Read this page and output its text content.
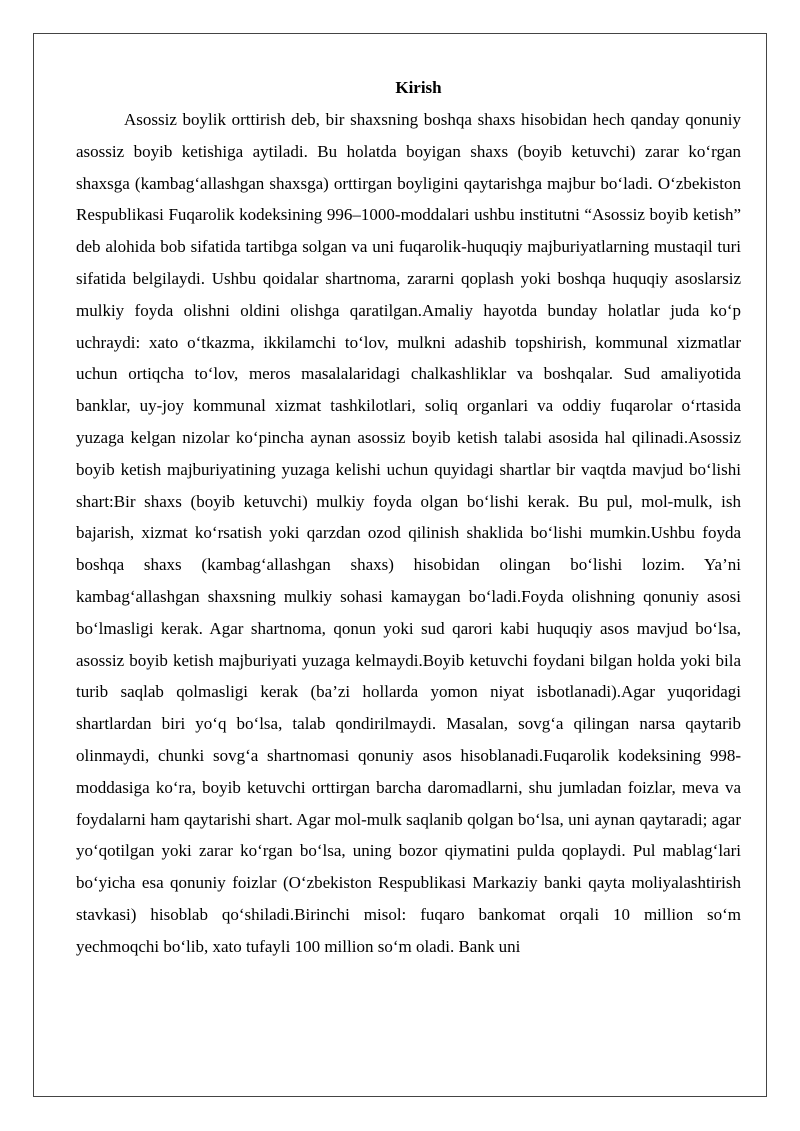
Kirish

Asossiz boylik orttirish deb, bir shaxsning boshqa shaxs hisobidan hech qanday qonuniy asossiz boyib ketishiga aytiladi. Bu holatda boyigan shaxs (boyib ketuvchi) zarar koʻrgan shaxsga (kambagʻallashgan shaxsga) orttirgan boyligini qaytarishga majbur boʻladi. Oʻzbekiston Respublikasi Fuqarolik kodeksining 996–1000-moddalari ushbu institutni “Asossiz boyib ketish” deb alohida bob sifatida tartibga solgan va uni fuqarolik-huquqiy majburiyatlarning mustaqil turi sifatida belgilaydi. Ushbu qoidalar shartnoma, zararni qoplash yoki boshqa huquqiy asoslarsiz mulkiy foyda olishni oldini olishga qaratilgan.Amaliy hayotda bunday holatlar juda koʻp uchraydi: xato oʻtkazma, ikkilamchi toʻlov, mulkni adashib topshirish, kommunal xizmatlar uchun ortiqcha toʻlov, meros masalalaridagi chalkashliklar va boshqalar. Sud amaliyotida banklar, uy-joy kommunal xizmat tashkilotlari, soliq organlari va oddiy fuqarolar oʻrtasida yuzaga kelgan nizolar koʻpincha aynan asossiz boyib ketish talabi asosida hal qilinadi.Asossiz boyib ketish majburiyatining yuzaga kelishi uchun quyidagi shartlar bir vaqtda mavjud boʻlishi shart:Bir shaxs (boyib ketuvchi) mulkiy foyda olgan boʻlishi kerak. Bu pul, mol-mulk, ish bajarish, xizmat koʻrsatish yoki qarzdan ozod qilinish shaklida boʻlishi mumkin.Ushbu foyda boshqa shaxs (kambagʻallashgan shaxs) hisobidan olingan boʻlishi lozim. Ya’ni kambagʻallashgan shaxsning mulkiy sohasi kamaygan boʻladi.Foyda olishning qonuniy asosi boʻlmasligi kerak. Agar shartnoma, qonun yoki sud qarori kabi huquqiy asos mavjud boʻlsa, asossiz boyib ketish majburiyati yuzaga kelmaydi.Boyib ketuvchi foydani bilgan holda yoki bila turib saqlab qolmasligi kerak (ba’zi hollarda yomon niyat isbotlanadi).Agar yuqoridagi shartlardan biri yoʻq boʻlsa, talab qondirilmaydi. Masalan, sovgʻa qilingan narsa qaytarib olinmaydi, chunki sovgʻa shartnomasi qonuniy asos hisoblanadi.Fuqarolik kodeksining 998-moddasiga koʻra, boyib ketuvchi orttirgan barcha daromadlarni, shu jumladan foizlar, meva va foydalarni ham qaytarishi shart. Agar mol-mulk saqlanib qolgan boʻlsa, uni aynan qaytaradi; agar yoʻqotilgan yoki zarar koʻrgan boʻlsa, uning bozor qiymatini pulda qoplaydi. Pul mablagʻlari boʻyicha esa qonuniy foizlar (Oʻzbekiston Respublikasi Markaziy banki qayta moliyalashtirish stavkasi) hisoblab qoʻshiladi.Birinchi misol: fuqaro bankomat orqali 10 million soʻm yechmoqchi boʻlib, xato tufayli 100 million soʻm oladi. Bank uni
